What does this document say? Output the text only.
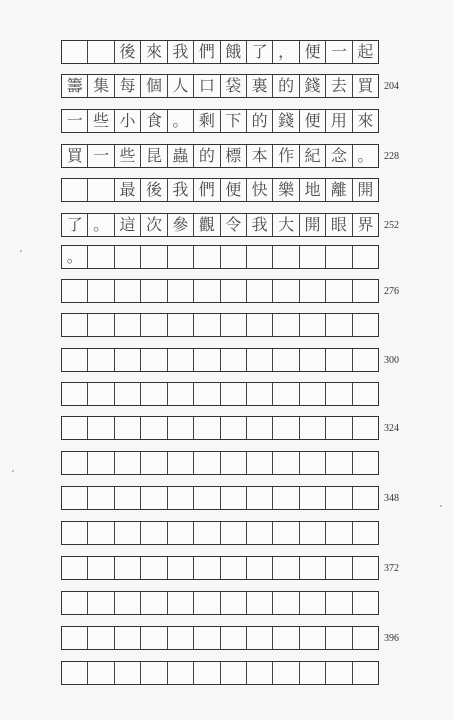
後 來 我 們 餓 了 ， 便 一 起
籌 集 每 個 人 口 袋 裏 的 錢 去 買
一 些 小 食 。 剩 下 的 錢 便 用 來
買 一 些 昆 蟲 的 標 本 作 紀 念 。
最 後 我 們 便 快 樂 地 離 開
了 。 這 次 參 觀 令 我 大 開 眼 界
。
204
228
252
276
300
324
348
372
396
